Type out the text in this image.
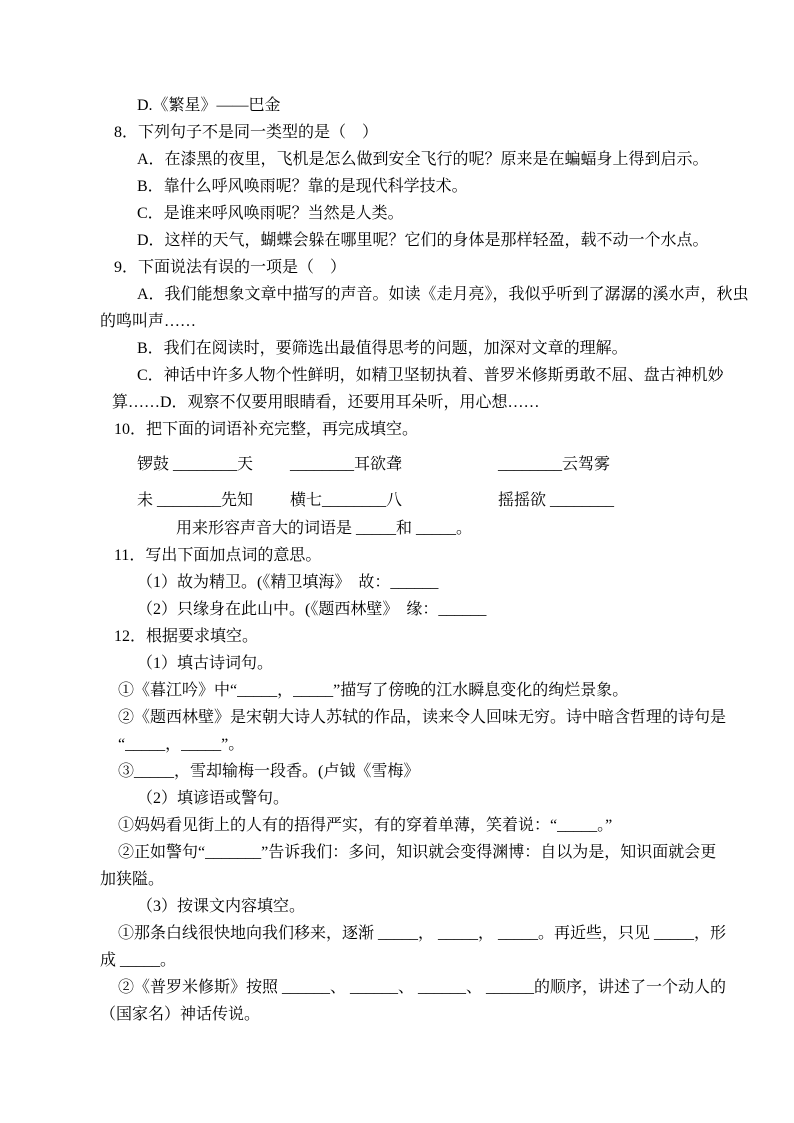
D.《繁星》——巴金
8．下列句子不是同一类型的是（　）
A．在漆黑的夜里，飞机是怎么做到安全飞行的呢？原来是在蝙蝠身上得到启示。
B．靠什么呼风唤雨呢？靠的是现代科学技术。
C．是谁来呼风唤雨呢？当然是人类。
D．这样的天气，蝴蝶会躲在哪里呢？它们的身体是那样轻盈，载不动一个水点。
9．下面说法有误的一项是（　）
A．我们能想象文章中描写的声音。如读《走月亮》，我似乎听到了潺潺的溪水声，秋虫
的鸣叫声……
B．我们在阅读时，要筛选出最值得思考的问题，加深对文章的理解。
C．神话中许多人物个性鲜明，如精卫坚韧执着、普罗米修斯勇敢不屈、盘古神机妙
算……D．观察不仅要用眼睛看，还要用耳朵听，用心想……
10．把下面的词语补充完整，再完成填空。
锣鼓 ________天 ________耳欲聋	________云驾雾
未 ________先知 横七________八	摇摇欲 ________
用来形容声音大的词语是 _____和 _____。
11．写出下面加点词的意思。
（1）故为精卫。(《精卫填海》　故：______
（2）只缘身在此山中。(《题西林壁》　缘：______
12．根据要求填空。
（1）填古诗词句。
①《暮江吟》中“_____，_____”描写了傍晚的江水瞬息变化的绚烂景象。
②《题西林壁》是宋朝大诗人苏轼的作品，读来令人回味无穷。诗中暗含哲理的诗句是
“_____，_____”。
③_____，雪却输梅一段香。(卢钺《雪梅》
（2）填谚语或警句。
①妈妈看见街上的人有的捂得严实，有的穿着单薄，笑着说：“_____。”
②正如警句“_______”告诉我们：多问，知识就会变得渊博：自以为是，知识面就会更
加狭隘。
（3）按课文内容填空。
①那条白线很快地向我们移来，逐渐 _____， _____， _____。再近些，只见 _____，形
成 _____。
②《普罗米修斯》按照 ______、 ______、 ______、 ______的顺序，讲述了一个动人的
（国家名）神话传说。
